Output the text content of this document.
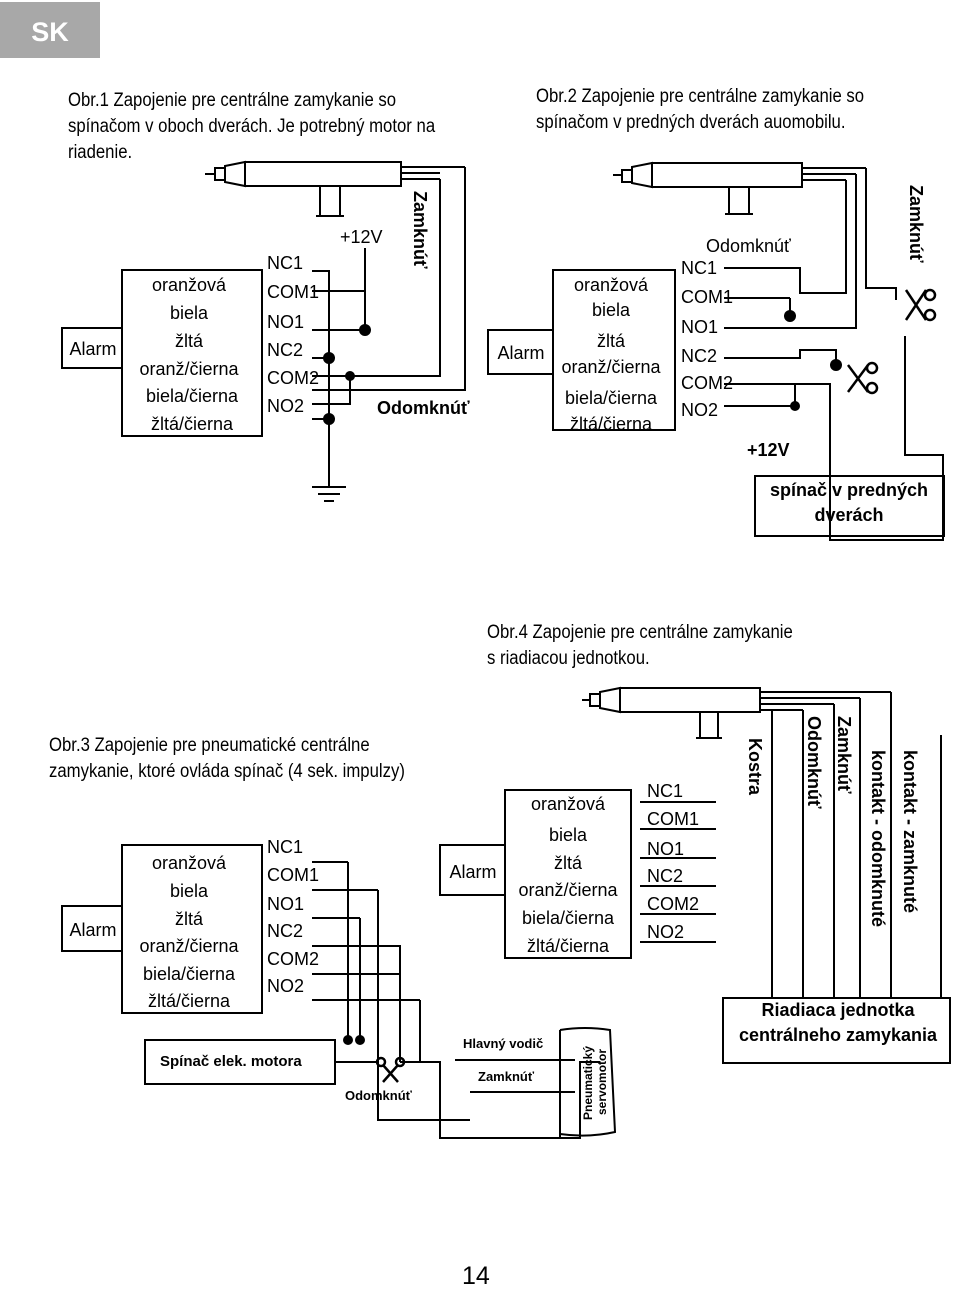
SK
Obr.1 Zapojenie pre centrálne zamykanie so
spínačom v oboch dverách. Je potrebný motor na
riadenie.
Obr.2 Zapojenie pre centrálne zamykanie so
spínačom v predných dverách auomobilu.
Obr.4 Zapojenie pre centrálne zamykanie
s riadiacou jednotkou.
Obr.3 Zapojenie pre pneumatické centrálne
zamykanie, ktoré ovláda spínač (4 sek. impulzy)
Alarm
oranžová
biela
žltá
oranž/čierna
biela/čierna
žltá/čierna
NC1
COM1
NO1
NC2
COM2
NO2
+12V Zamknúť
Odomknúť
Alarm
oranžová
biela
žltá
oranž/čierna
biela/čierna
žltá/čierna
NC1
COM1
NO1
NC2
COM2
NO2
Odomknúť	Zamknúť
+12V
spínač v predných
dverách
Alarm
oranžová
biela
žltá
oranž/čierna
biela/čierna
žltá/čierna
NC1
COM1
NO1
NC2
COM2
NO2
Kostra Odomknúť Zamknúť kontakt - odomknuté kontakt - zamknuté
Riadiaca jednotka
centrálneho zamykania
Alarm
oranžová
biela
žltá
oranž/čierna
biela/čierna
žltá/čierna
NC1
COM1
NO1
NC2
COM2
NO2
Spínač elek. motora
Odomknúť
Hlavný vodič
Zamknúť	Pneumatický servomotor
14
